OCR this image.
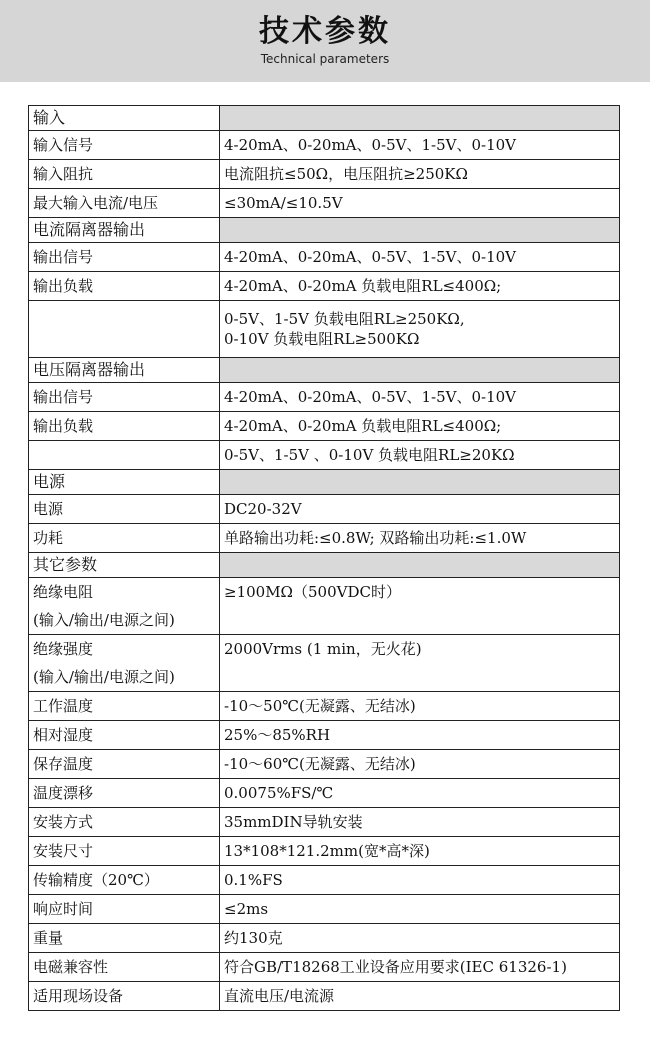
技术参数
Technical parameters
输入	

输入信号	4-20mA、0-20mA、0-5V、1-5V、0-10V

输入阻抗	电流阻抗≤50Ω，电压阻抗≥250KΩ

最大输入电流/电压	≤30mA/≤10.5V

电流隔离器输出	

输出信号	4-20mA、0-20mA、0-5V、1-5V、0-10V

输出负载	4-20mA、0-20mA 负载电阻RL≤400Ω;

	0-5V、1-5V 负载电阻RL≥250KΩ,
0-10V 负载电阻RL≥500KΩ

电压隔离器输出	

输出信号	4-20mA、0-20mA、0-5V、1-5V、0-10V

输出负载	4-20mA、0-20mA 负载电阻RL≤400Ω;

	0-5V、1-5V 、0-10V 负载电阻RL≥20KΩ

电源	

电源	DC20-32V

功耗	单路输出功耗:≤0.8W; 双路输出功耗:≤1.0W

其它参数	

绝缘电阻
(输入/输出/电源之间)	≥100MΩ（500VDC时）

绝缘强度
(输入/输出/电源之间)	2000Vrms (1 min，无火花)

工作温度	-10～50℃(无凝露、无结冰)

相对湿度	25%～85%RH

保存温度	-10～60℃(无凝露、无结冰)

温度漂移	0.0075%FS/℃

安装方式	35mmDIN导轨安装

安装尺寸	13*108*121.2mm(宽*高*深)

传输精度（20℃）	0.1%FS

响应时间	≤2ms

重量	约130克

电磁兼容性	符合GB/T18268工业设备应用要求(IEC 61326-1)

适用现场设备	直流电压/电流源
